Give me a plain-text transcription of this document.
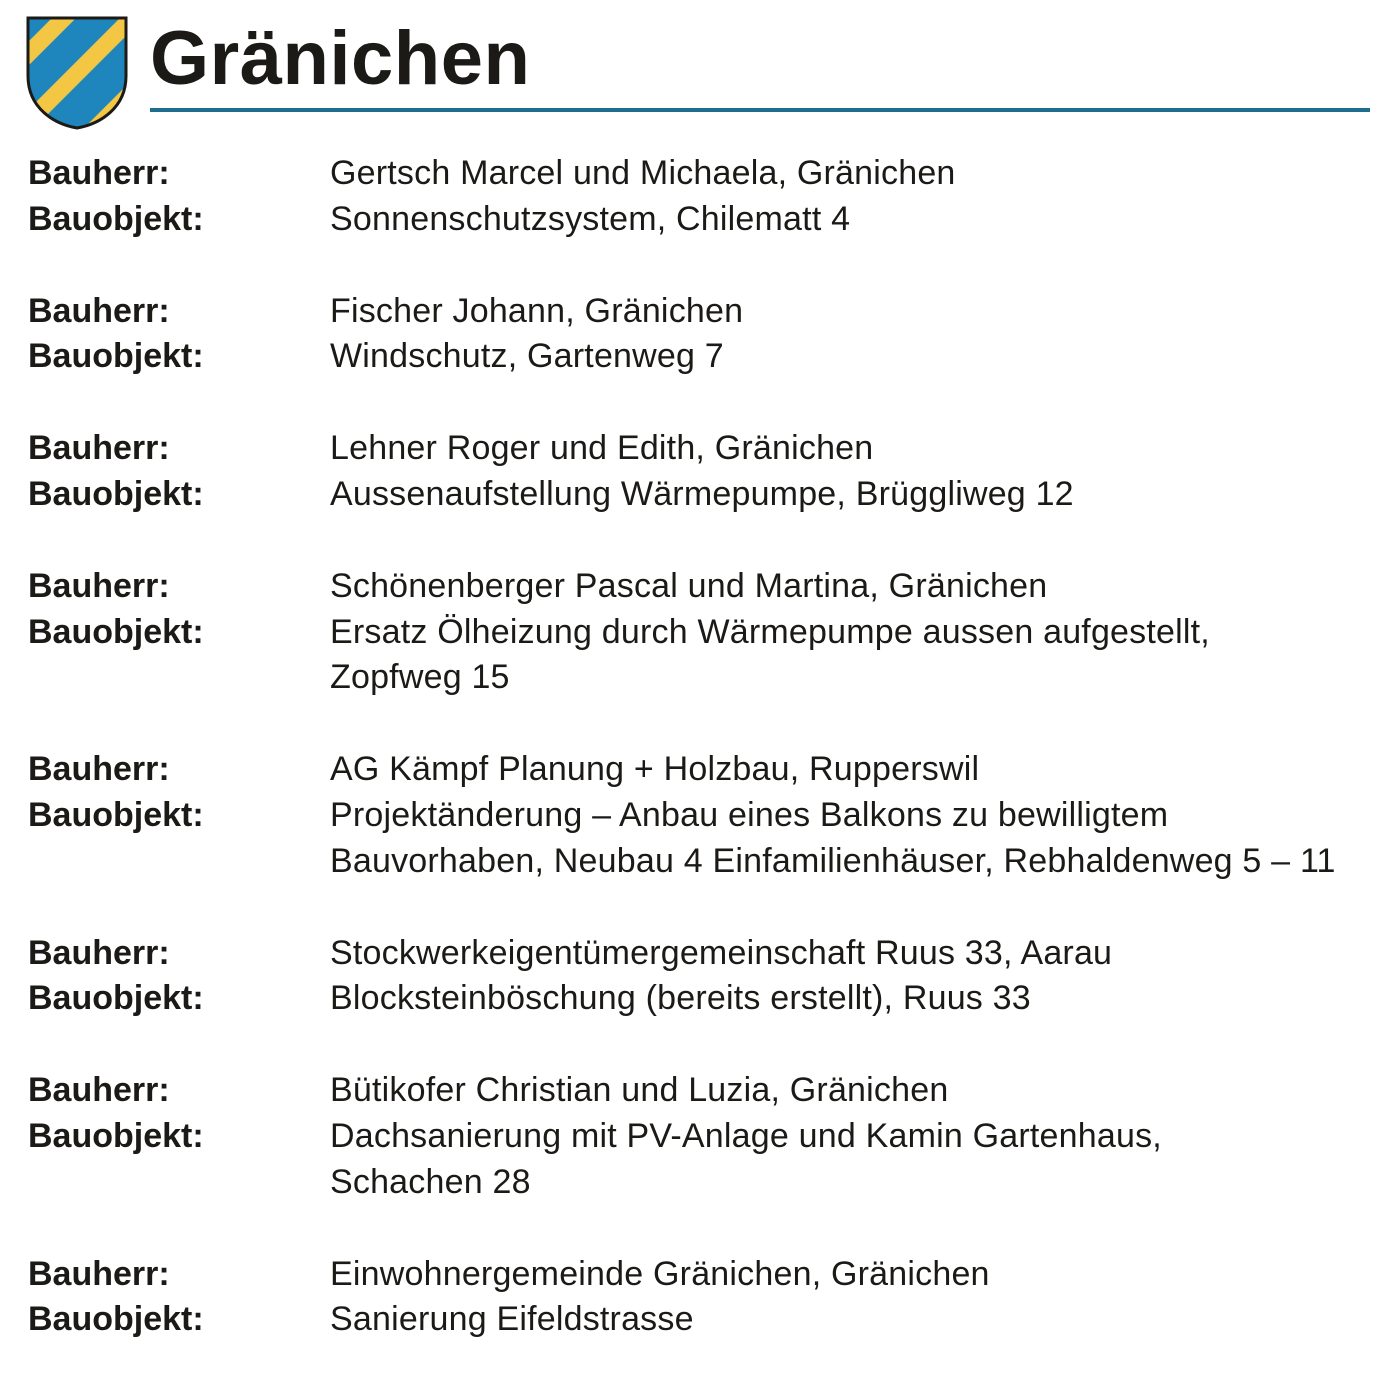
Gränichen
Bauherr:	Gertsch Marcel und Michaela, Gränichen
Bauobjekt:	Sonnenschutzsystem, Chilematt 4
Bauherr:	Fischer Johann, Gränichen
Bauobjekt:	Windschutz, Gartenweg 7
Bauherr:	Lehner Roger und Edith, Gränichen
Bauobjekt:	Aussenaufstellung Wärmepumpe, Brüggliweg 12
Bauherr:	Schönenberger Pascal und Martina, Gränichen
Bauobjekt:	Ersatz Ölheizung durch Wärmepumpe aussen aufgestellt,
Zopfweg 15
Bauherr:	AG Kämpf Planung + Holzbau, Rupperswil
Bauobjekt:	Projektänderung – Anbau eines Balkons zu bewilligtem
Bauvorhaben, Neubau 4 Einfamilienhäuser, Rebhaldenweg 5 – 11
Bauherr:	Stockwerkeigentümergemeinschaft Ruus 33, Aarau
Bauobjekt:	Blocksteinböschung (bereits erstellt), Ruus 33
Bauherr:	Bütikofer Christian und Luzia, Gränichen
Bauobjekt:	Dachsanierung mit PV-Anlage und Kamin Gartenhaus,
Schachen 28
Bauherr:	Einwohnergemeinde Gränichen, Gränichen
Bauobjekt:	Sanierung Eifeldstrasse
